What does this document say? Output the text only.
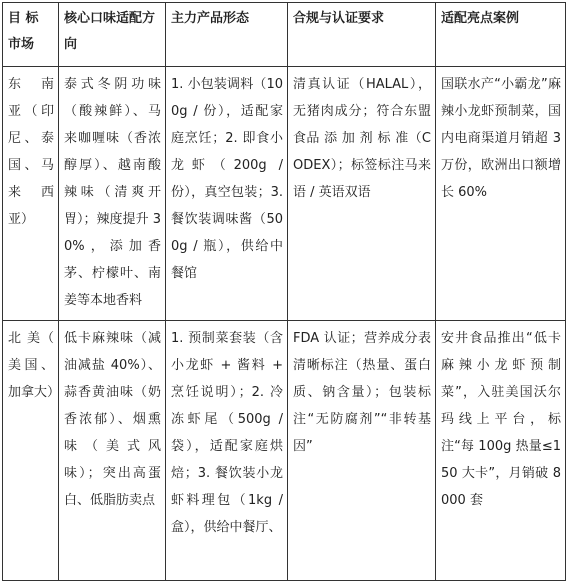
目 标 市场	核心口味适配方向	主力产品形态	合规与认证要求	适配亮点案例
东 南 亚（印尼、泰国、马来 西 亚）	泰式冬阴功味（酸辣鲜）、马来咖喱味（香浓醇厚）、越南酸辣味（清爽开胃）；辣度提升 30%，添加香茅、柠檬叶、南姜等本地香料	1. 小包装调料（100g / 份），适配家庭烹饪；2. 即食小龙虾（200g / 份），真空包装；3. 餐饮装调味酱（500g / 瓶），供给中餐馆	清真认证（HALAL），无猪肉成分；符合东盟食品 添 加 剂 标 准（CODEX）；标签标注马来语 / 英语双语	国联水产“小霸龙”麻辣小龙虾预制菜，国内电商渠道月销超 3 万份，欧洲出口额增长 60%
北 美（ 美国、加拿大）	低卡麻辣味（减油减盐 40%）、蒜香黄油味（奶香浓郁）、烟熏味（美式风味）；突出高蛋白、低脂肪卖点	1. 预制菜套装（含小龙虾 + 酱料 + 烹饪说明）；2. 冷冻虾尾（500g / 袋），适配家庭烘焙；3. 餐饮装小龙虾料理包（1kg / 盒），供给中餐厅、	FDA 认证；营养成分表清晰标注（热量、蛋白质、钠含量）；包装标注“无防腐剂”“非转基因”	安井食品推出“低卡麻辣小龙虾预制菜”，入驻美国沃尔玛线上平台，标注“每 100g 热量≤150 大卡”，月销破 8000 套
